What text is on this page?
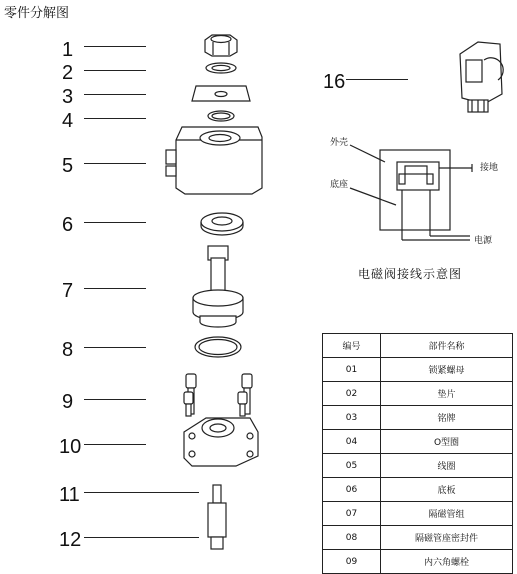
零件分解图
1
2
3
4
5
6
7
8
9
10
11
12
16
外壳
底座
接地
电源
电磁阀接线示意图
编号	部件名称
01	锁紧螺母
02	垫片
03	铭牌
04	O型圈
05	线圈
06	底板
07	隔磁管组
08	隔磁管座密封件
09	内六角螺栓
